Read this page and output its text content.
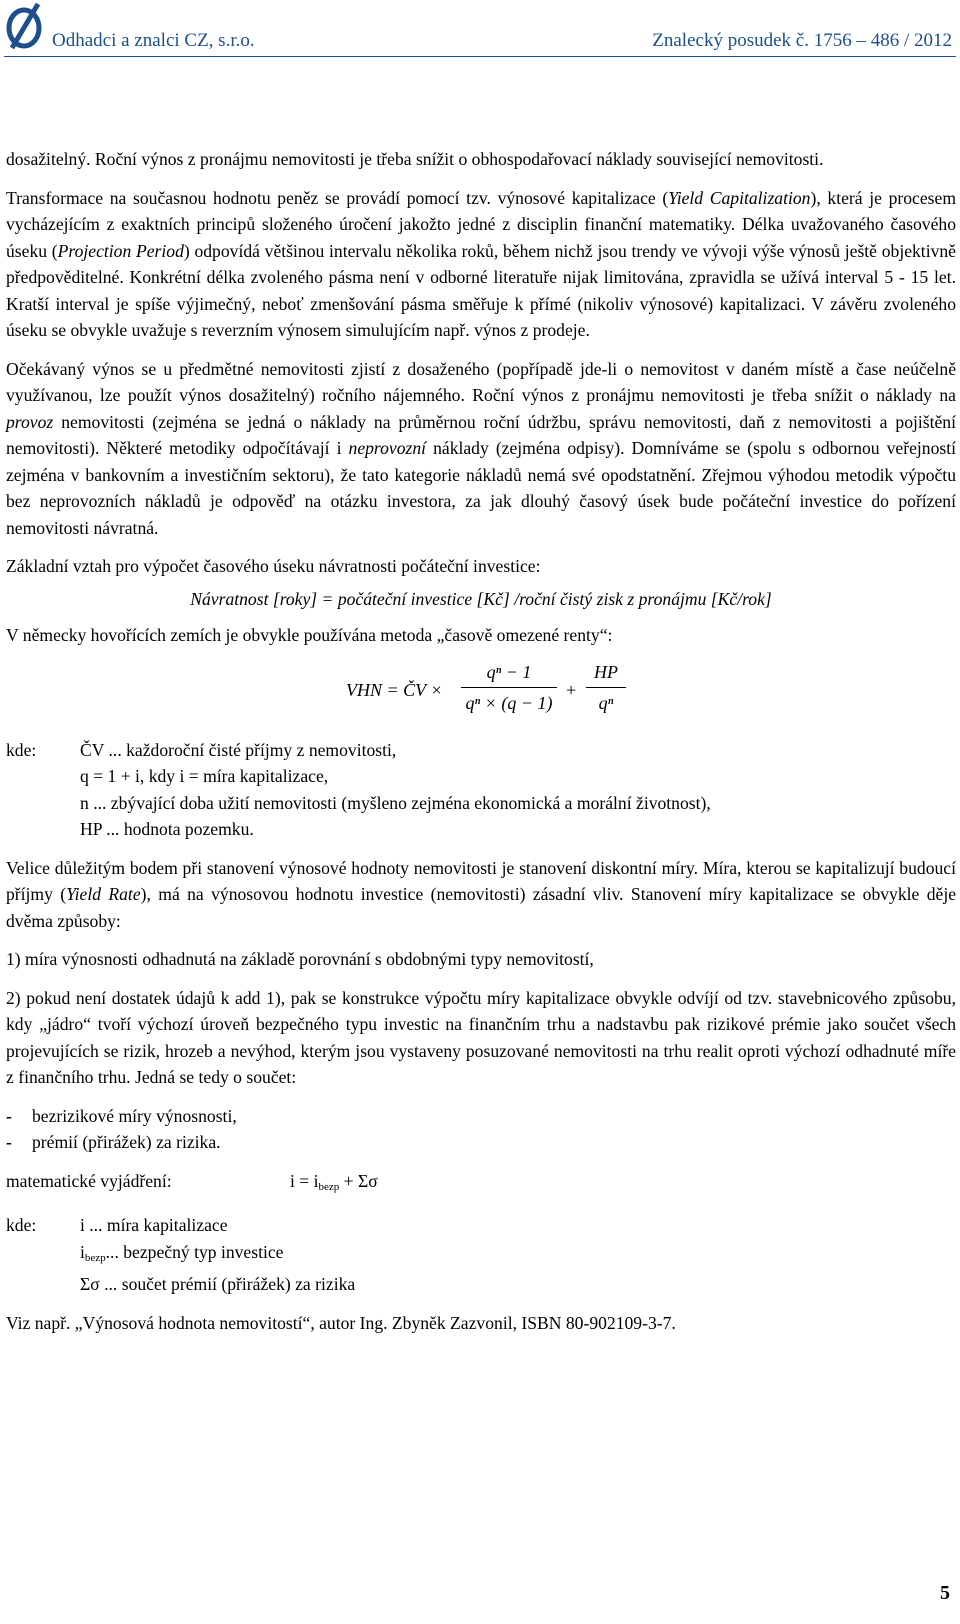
Odhadci a znalci CZ, s.r.o.	Znalecký posudek č. 1756 – 486 / 2012

dosažitelný. Roční výnos z pronájmu nemovitosti je třeba snížit o obhospodařovací náklady související nemovitosti.

Transformace na současnou hodnotu peněz se provádí pomocí tzv. výnosové kapitalizace (Yield Capitalization), která je procesem vycházejícím z exaktních principů složeného úročení jakožto jedné z disciplin finanční matematiky. Délka uvažovaného časového úseku (Projection Period) odpovídá většinou intervalu několika roků, během nichž jsou trendy ve vývoji výše výnosů ještě objektivně předpověditelné. Konkrétní délka zvoleného pásma není v odborné literatuře nijak limitována, zpravidla se užívá interval 5 - 15 let. Kratší interval je spíše výjimečný, neboť zmenšování pásma směřuje k přímé (nikoliv výnosové) kapitalizaci. V závěru zvoleného úseku se obvykle uvažuje s reverzním výnosem simulujícím např. výnos z prodeje.

Očekávaný výnos se u předmětné nemovitosti zjistí z dosaženého (popřípadě jde-li o nemovitost v daném místě a čase neúčelně využívanou, lze použít výnos dosažitelný) ročního nájemného. Roční výnos z pronájmu nemovitosti je třeba snížit o náklady na provoz nemovitosti (zejména se jedná o náklady na průměrnou roční údržbu, správu nemovitosti, daň z nemovitosti a pojištění nemovitosti). Některé metodiky odpočítávají i neprovozní náklady (zejména odpisy). Domníváme se (spolu s odbornou veřejností zejména v bankovním a investičním sektoru), že tato kategorie nákladů nemá své opodstatnění. Zřejmou výhodou metodik výpočtu bez neprovozních nákladů je odpověď na otázku investora, za jak dlouhý časový úsek bude počáteční investice do pořízení nemovitosti návratná.

Základní vztah pro výpočet časového úseku návratnosti počáteční investice:

Návratnost [roky] = počáteční investice [Kč] /roční čistý zisk z pronájmu [Kč/rok]

V německy hovořících zemích je obvykle používána metoda „časově omezené renty“:

VHN = ČV × $\frac{\text{qⁿ − 1}}{\text{qⁿ × (q − 1)}} + \frac{HP}{\text{qⁿ}}$
kde:	ČV ... každoroční čisté příjmy z nemovitosti,
q = 1 + i, kdy i = míra kapitalizace,
n ... zbývající doba užití nemovitosti (myšleno zejména ekonomická a morální životnost),
HP ... hodnota pozemku.

Velice důležitým bodem při stanovení výnosové hodnoty nemovitosti je stanovení diskontní míry. Míra, kterou se kapitalizují budoucí příjmy (Yield Rate), má na výnosovou hodnotu investice (nemovitosti) zásadní vliv. Stanovení míry kapitalizace se obvykle děje dvěma způsoby:

1) míra výnosnosti odhadnutá na základě porovnání s obdobnými typy nemovitostí,

2) pokud není dostatek údajů k add 1), pak se konstrukce výpočtu míry kapitalizace obvykle odvíjí od tzv. stavebnicového způsobu, kdy „jádro“ tvoří výchozí úroveň bezpečného typu investic na finančním trhu a nadstavbu pak rizikové prémie jako součet všech projevujících se rizik, hrozeb a nevýhod, kterým jsou vystaveny posuzované nemovitosti na trhu realit oproti výchozí odhadnuté míře z finančního trhu. Jedná se tedy o součet:

-	bezrizikové míry výnosnosti,
-	prémií (přirážek) za rizika.
matematické vyjádření:	$i = i_{bezp} + \Sigma\sigma$
kde:	i ... míra kapitalizace
$i_{bezp}$... bezpečný typ investice
Σσ ... součet prémií (přirážek) za rizika

Viz např. „Výnosová hodnota nemovitostí“, autor Ing. Zbyněk Zazvonil, ISBN 80-902109-3-7.

5
